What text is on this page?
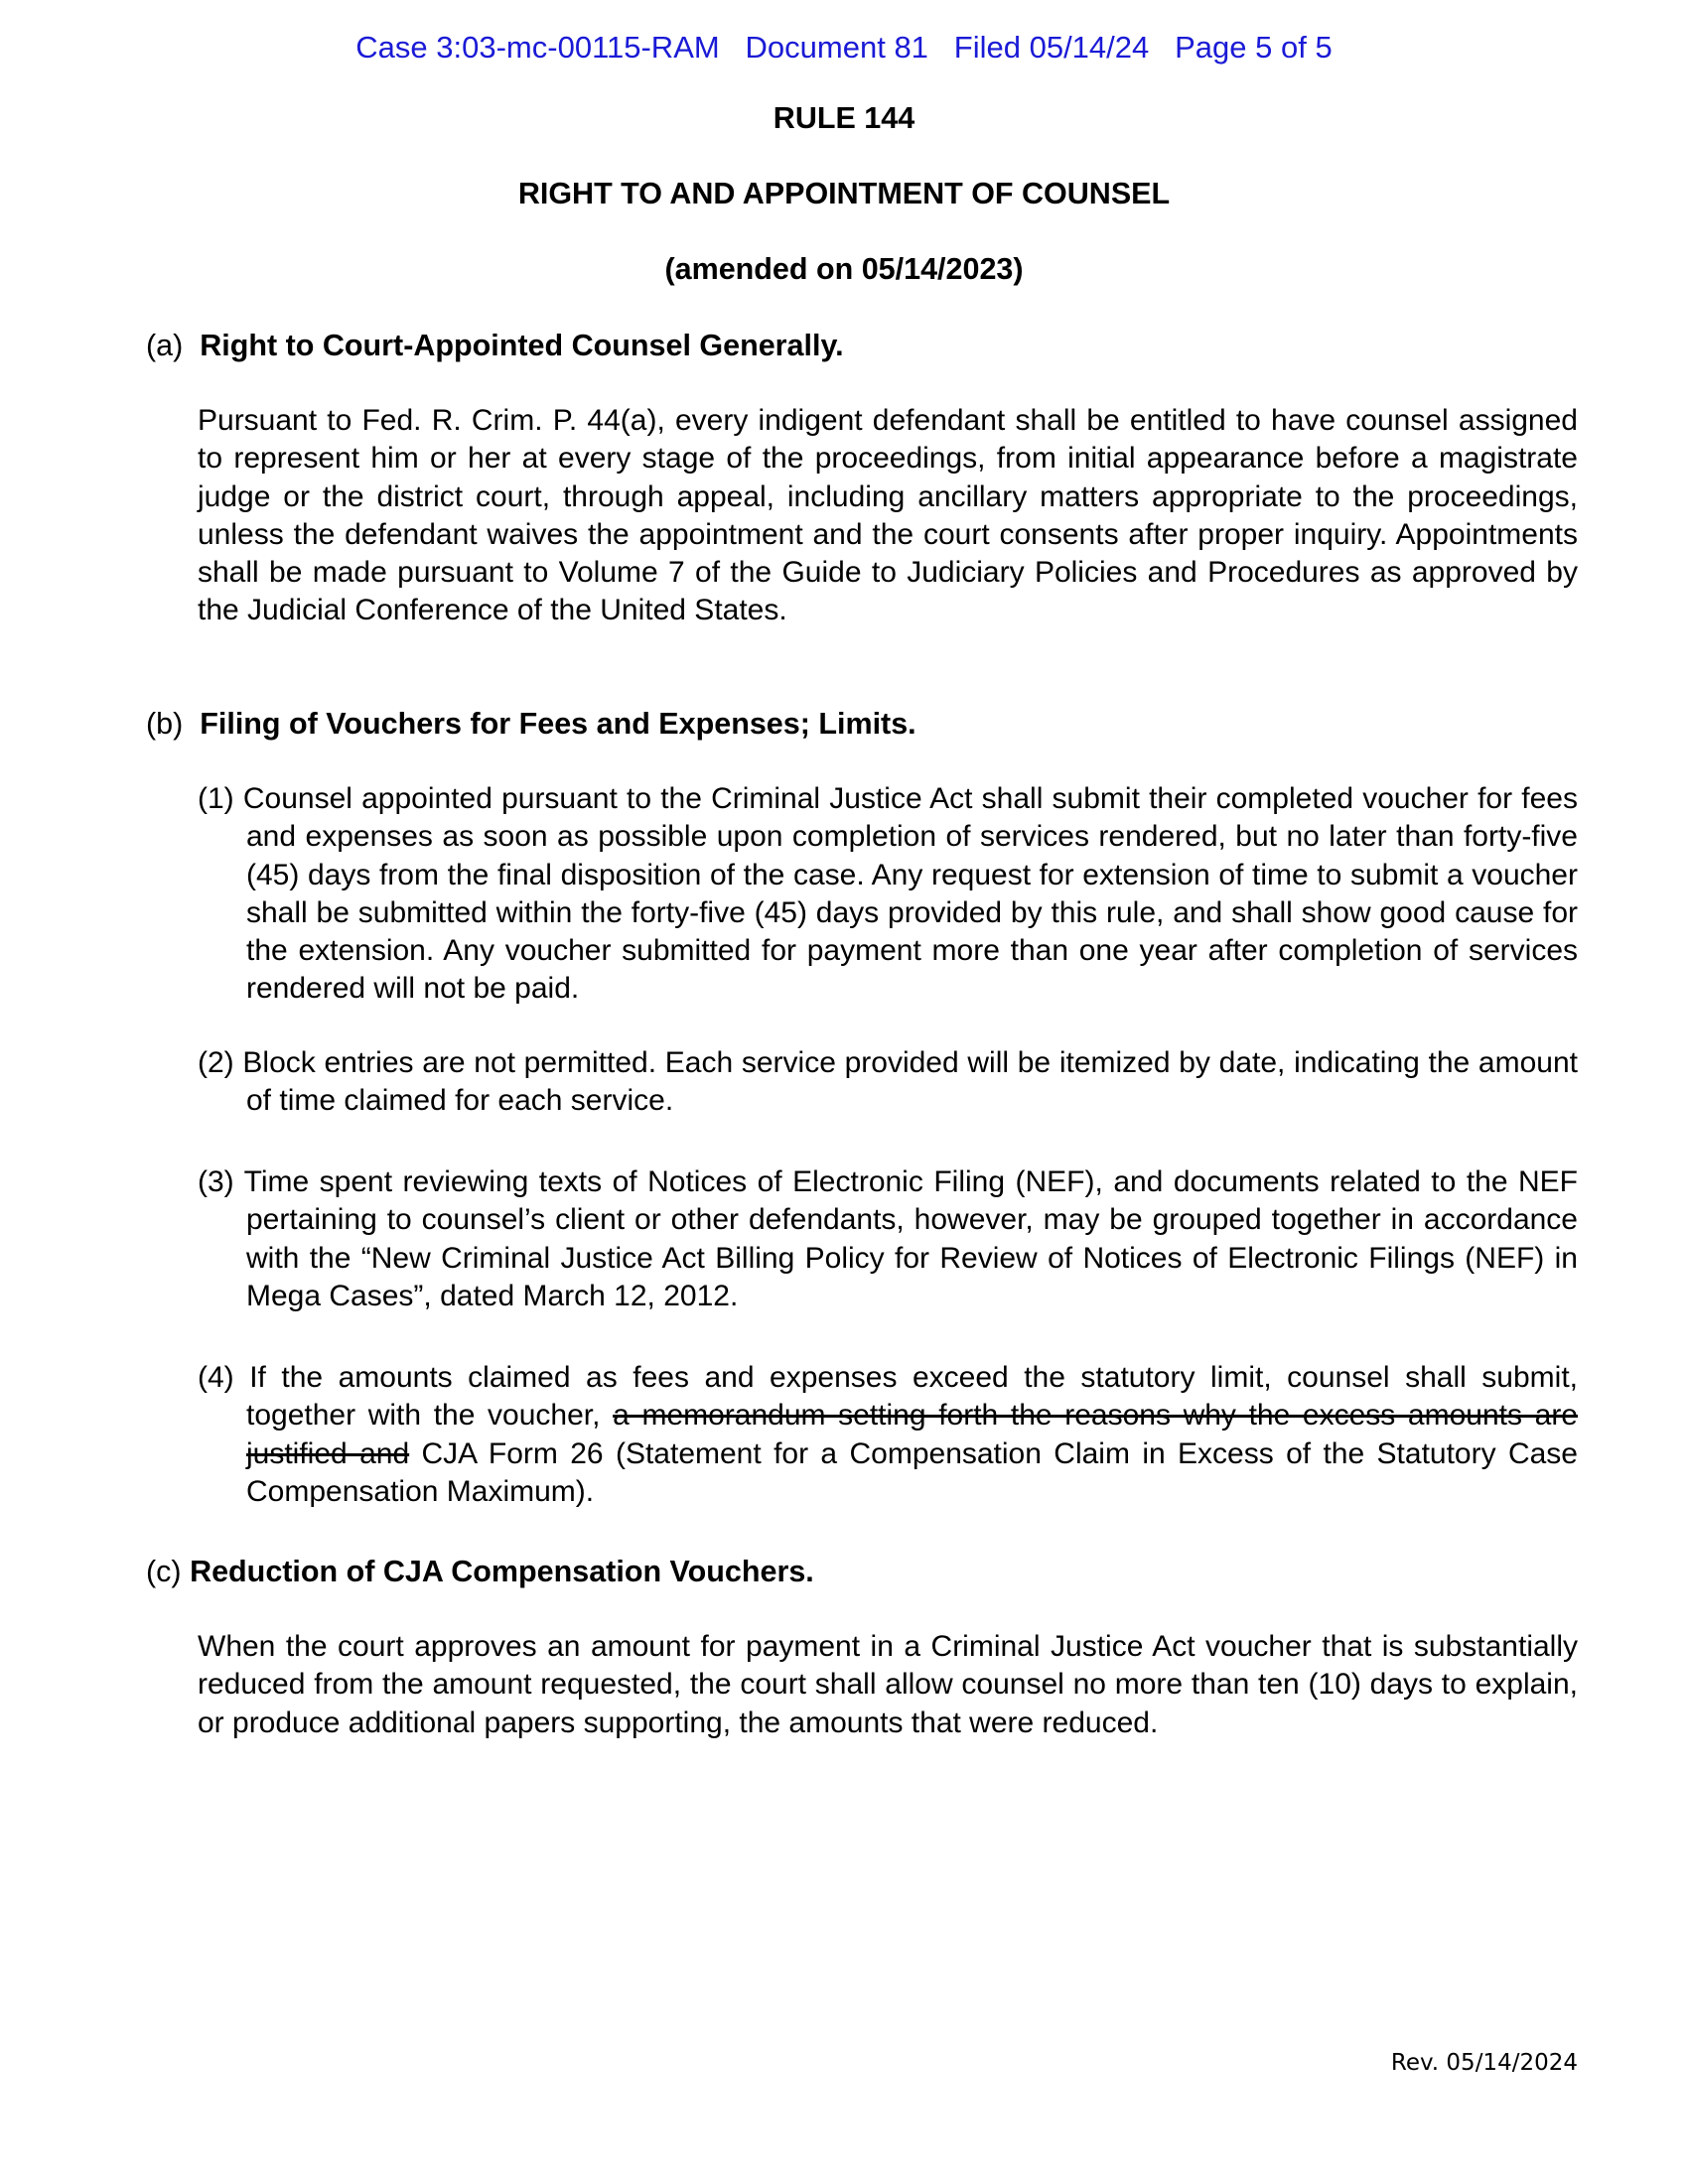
Case 3:03-mc-00115-RAM Document 81 Filed 05/14/24 Page 5 of 5
RULE 144
RIGHT TO AND APPOINTMENT OF COUNSEL
(amended on 05/14/2023)
(a) Right to Court-Appointed Counsel Generally.
Pursuant to Fed. R. Crim. P. 44(a), every indigent defendant shall be entitled to have counsel assigned to represent him or her at every stage of the proceedings, from initial appearance before a magistrate judge or the district court, through appeal, including ancillary matters appropriate to the proceedings, unless the defendant waives the appointment and the court consents after proper inquiry. Appointments shall be made pursuant to Volume 7 of the Guide to Judiciary Policies and Procedures as approved by the Judicial Conference of the United States.
(b) Filing of Vouchers for Fees and Expenses; Limits.
(1) Counsel appointed pursuant to the Criminal Justice Act shall submit their completed voucher for fees and expenses as soon as possible upon completion of services rendered, but no later than forty-five (45) days from the final disposition of the case. Any request for extension of time to submit a voucher shall be submitted within the forty-five (45) days provided by this rule, and shall show good cause for the extension. Any voucher submitted for payment more than one year after completion of services rendered will not be paid.
(2) Block entries are not permitted. Each service provided will be itemized by date, indicating the amount of time claimed for each service.
(3) Time spent reviewing texts of Notices of Electronic Filing (NEF), and documents related to the NEF pertaining to counsel’s client or other defendants, however, may be grouped together in accordance with the “New Criminal Justice Act Billing Policy for Review of Notices of Electronic Filings (NEF) in Mega Cases”, dated March 12, 2012.
(4) If the amounts claimed as fees and expenses exceed the statutory limit, counsel shall submit, together with the voucher, a memorandum setting forth the reasons why the excess amounts are justified and CJA Form 26 (Statement for a Compensation Claim in Excess of the Statutory Case Compensation Maximum).
(c) Reduction of CJA Compensation Vouchers.
When the court approves an amount for payment in a Criminal Justice Act voucher that is substantially reduced from the amount requested, the court shall allow counsel no more than ten (10) days to explain, or produce additional papers supporting, the amounts that were reduced.
Rev. 05/14/2024
